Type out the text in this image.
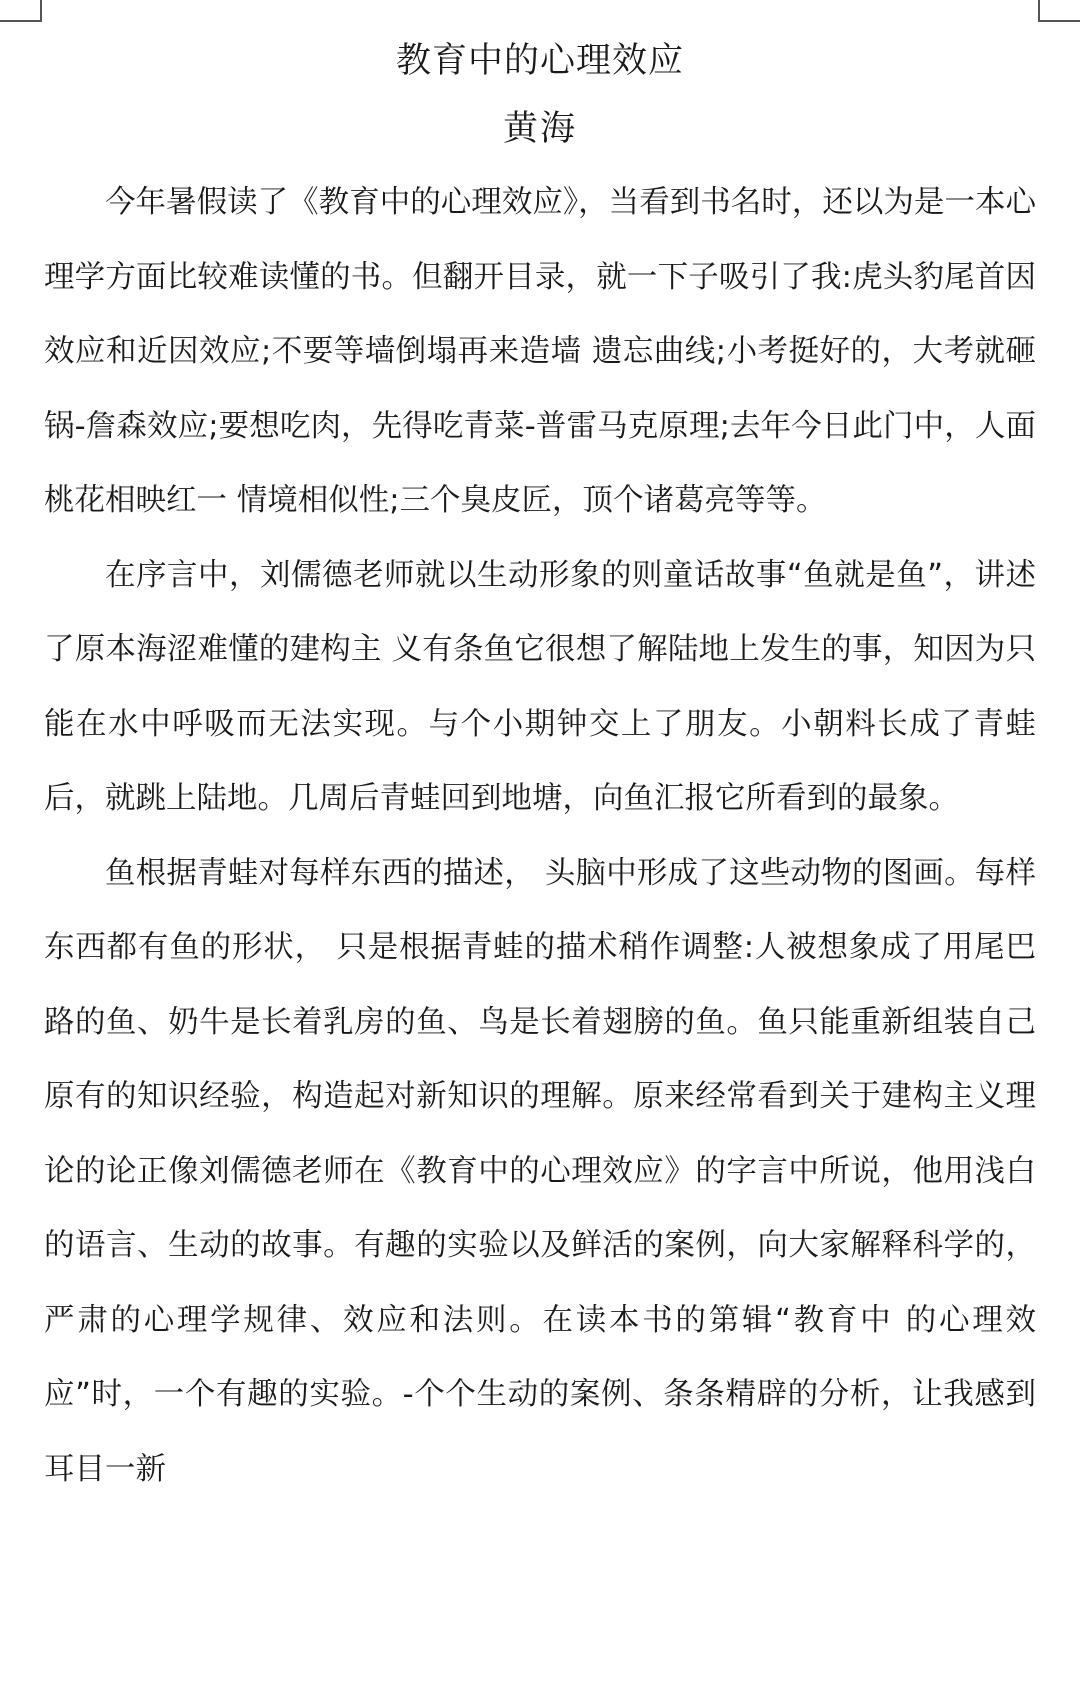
教育中的心理效应
黄海

今年暑假读了《教育中的心理效应》，当看到书名时，还以为是一本心理学方面比较难读懂的书。但翻开目录，就一下子吸引了我:虎头豹尾首因效应和近因效应;不要等墙倒塌再来造墙 遗忘曲线;小考挺好的，大考就砸锅-詹森效应;要想吃肉，先得吃青菜-普雷马克原理;去年今日此门中，人面桃花相映红一 情境相似性;三个臭皮匠，顶个诸葛亮等等。

在序言中，刘儒德老师就以生动形象的则童话故事“鱼就是鱼”，讲述了原本海涩难懂的建构主 义有条鱼它很想了解陆地上发生的事，知因为只能在水中呼吸而无法实现。与个小期钟交上了朋友。小朝料长成了青蛙后，就跳上陆地。几周后青蛙回到地塘，向鱼汇报它所看到的最象。

鱼根据青蛙对每样东西的描述， 头脑中形成了这些动物的图画。每样东西都有鱼的形状， 只是根据青蛙的描术稍作调整:人被想象成了用尾巴路的鱼、奶牛是长着乳房的鱼、鸟是长着翅膀的鱼。鱼只能重新组装自己原有的知识经验，构造起对新知识的理解。原来经常看到关于建构主义理论的论正像刘儒德老师在《教育中的心理效应》的字言中所说，他用浅白的语言、生动的故事。有趣的实验以及鲜活的案例，向大家解释科学的，严肃的心理学规律、效应和法则。在读本书的第辑“教育中 的心理效应”时，一个有趣的实验。-个个生动的案例、条条精辟的分析，让我感到耳目一新
